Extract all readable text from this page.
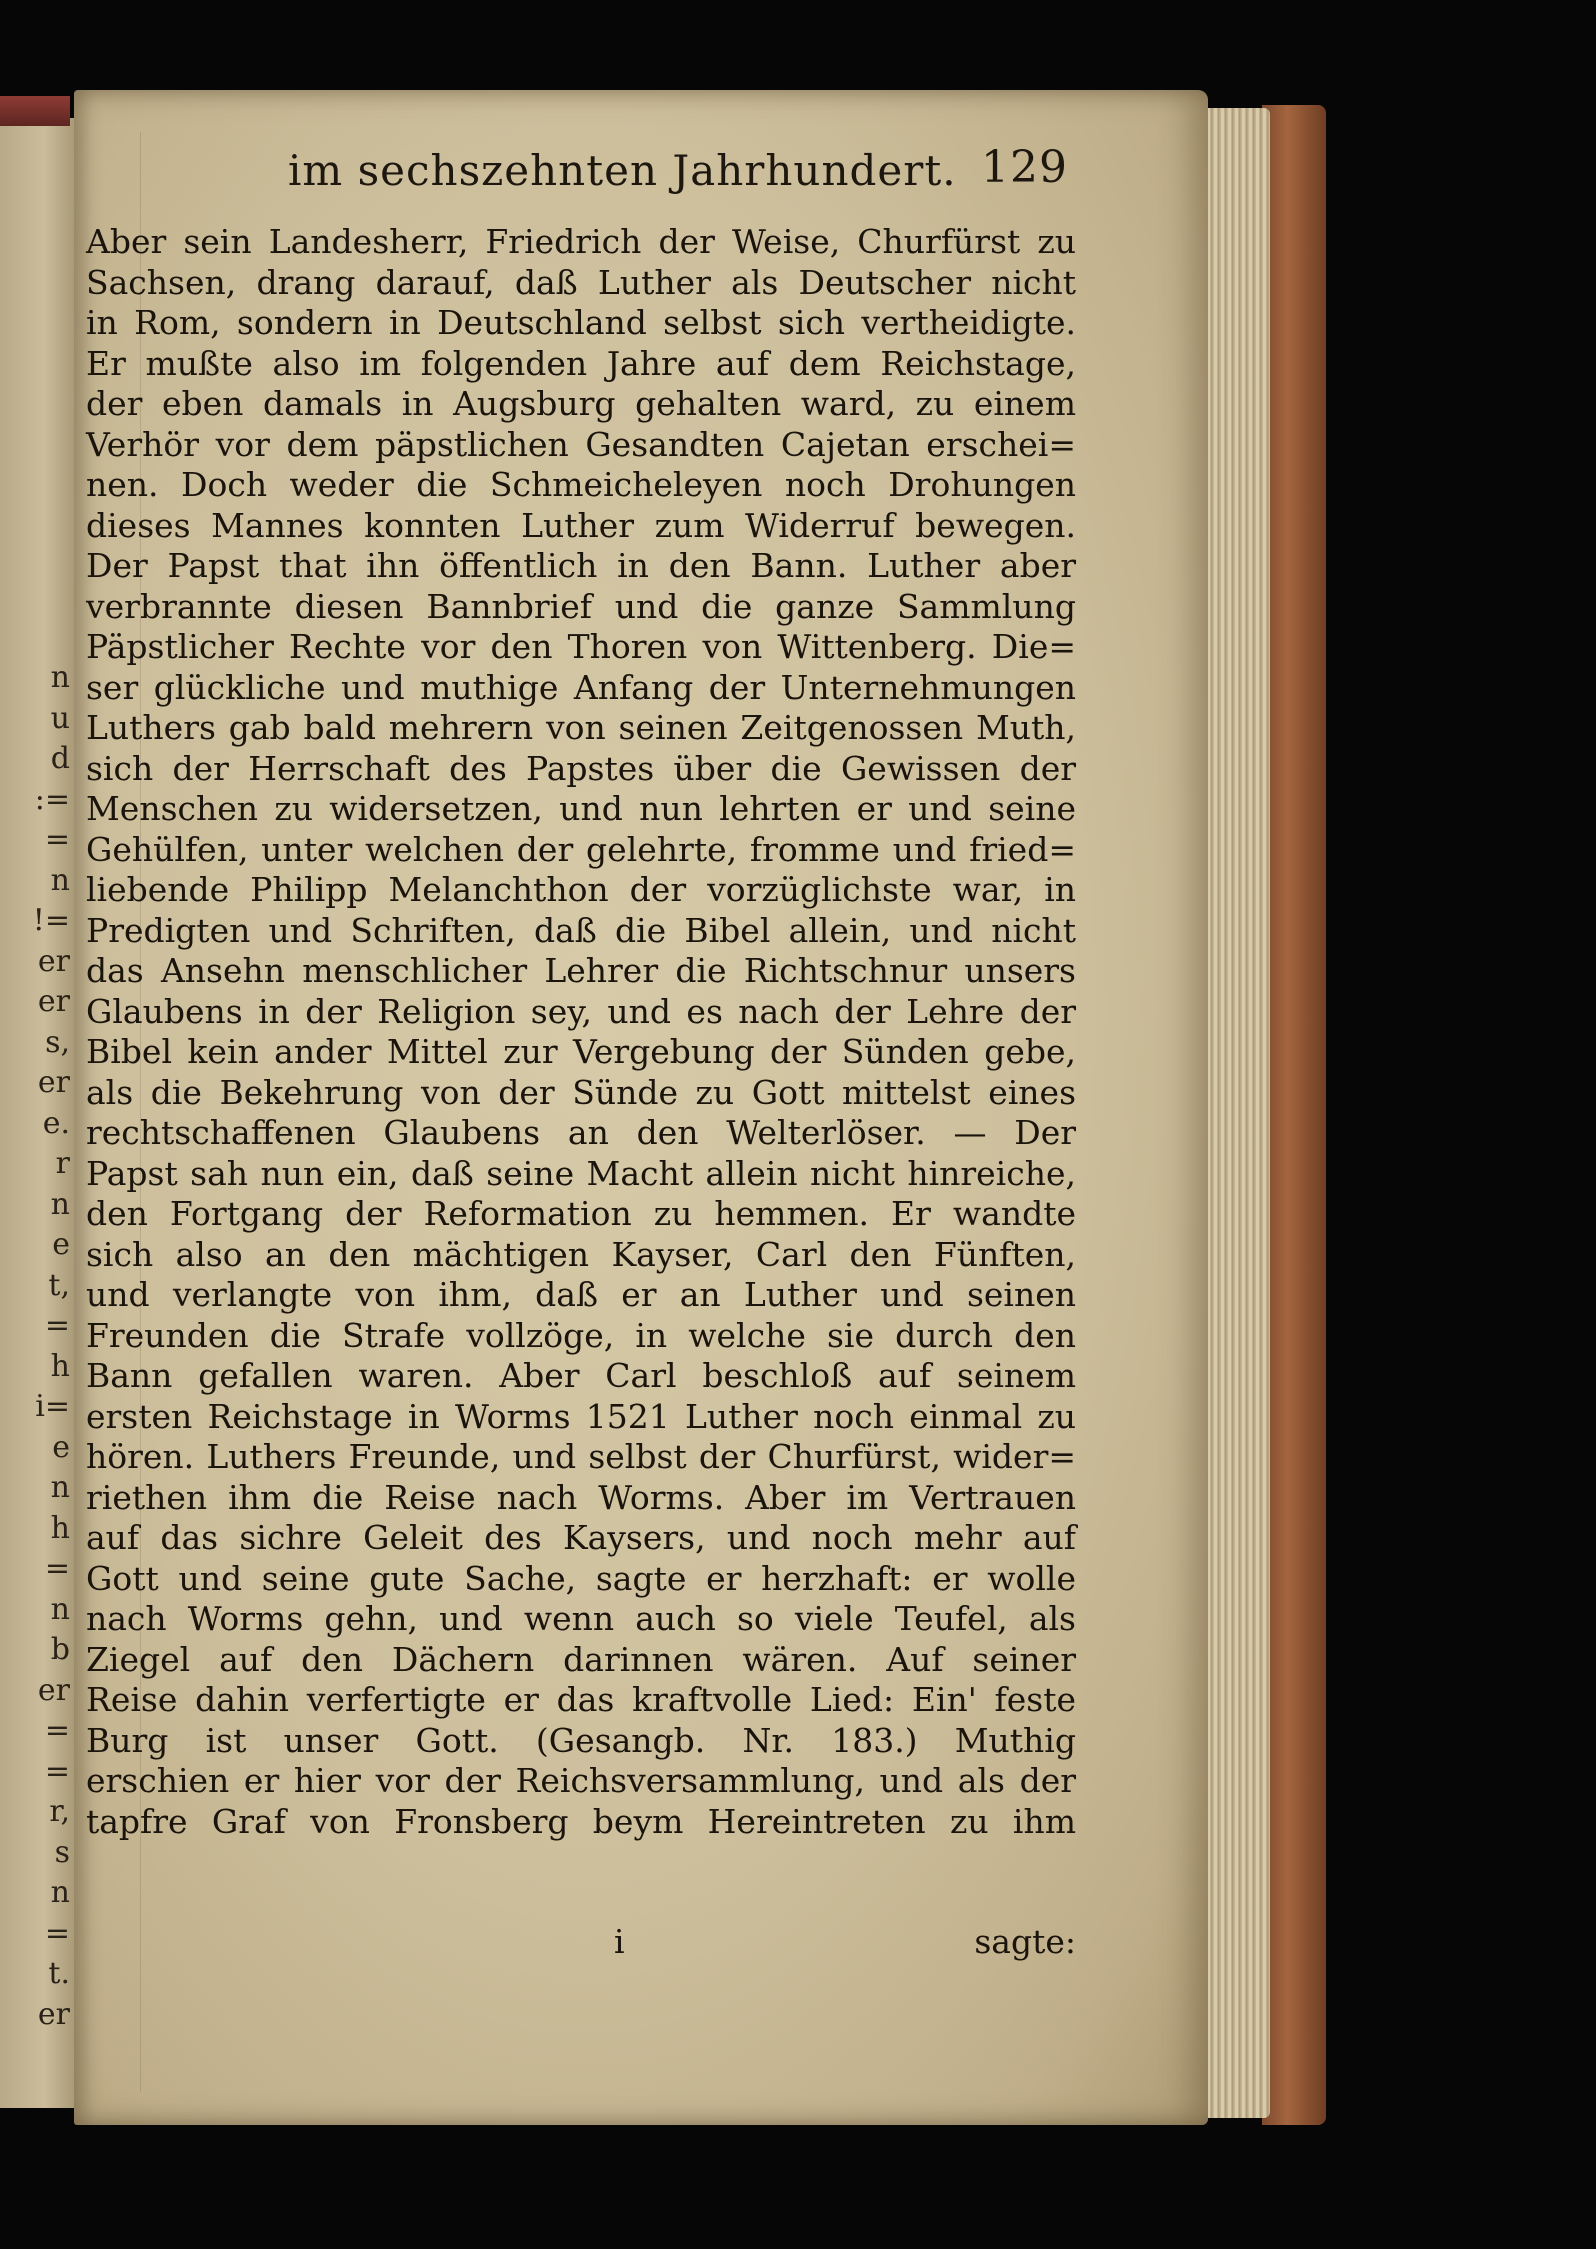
n
u
d
:=
=
n
!=
er
er
s,
er
e.
r
n
e
t,
=
h
i=
e
n
h
=
n
b
er
=
=
r,
s
n
=
t.
er
im sechszehnten Jahrhundert. 129
Aber sein Landesherr, Friedrich der Weise, Churfürst zu
Sachsen, drang darauf, daß Luther als Deutscher nicht
in Rom, sondern in Deutschland selbst sich vertheidigte.
Er mußte also im folgenden Jahre auf dem Reichstage,
der eben damals in Augsburg gehalten ward, zu einem
Verhör vor dem päpstlichen Gesandten Cajetan erschei=
nen. Doch weder die Schmeicheleyen noch Drohungen
dieses Mannes konnten Luther zum Widerruf bewegen.
Der Papst that ihn öffentlich in den Bann. Luther aber
verbrannte diesen Bannbrief und die ganze Sammlung
Päpstlicher Rechte vor den Thoren von Wittenberg. Die=
ser glückliche und muthige Anfang der Unternehmungen
Luthers gab bald mehrern von seinen Zeitgenossen Muth,
sich der Herrschaft des Papstes über die Gewissen der
Menschen zu widersetzen, und nun lehrten er und seine
Gehülfen, unter welchen der gelehrte, fromme und fried=
liebende Philipp Melanchthon der vorzüglichste war, in
Predigten und Schriften, daß die Bibel allein, und nicht
das Ansehn menschlicher Lehrer die Richtschnur unsers
Glaubens in der Religion sey, und es nach der Lehre der
Bibel kein ander Mittel zur Vergebung der Sünden gebe,
als die Bekehrung von der Sünde zu Gott mittelst eines
rechtschaffenen Glaubens an den Welterlöser. — Der
Papst sah nun ein, daß seine Macht allein nicht hinreiche,
den Fortgang der Reformation zu hemmen. Er wandte
sich also an den mächtigen Kayser, Carl den Fünften,
und verlangte von ihm, daß er an Luther und seinen
Freunden die Strafe vollzöge, in welche sie durch den
Bann gefallen waren. Aber Carl beschloß auf seinem
ersten Reichstage in Worms 1521 Luther noch einmal zu
hören. Luthers Freunde, und selbst der Churfürst, wider=
riethen ihm die Reise nach Worms. Aber im Vertrauen
auf das sichre Geleit des Kaysers, und noch mehr auf
Gott und seine gute Sache, sagte er herzhaft: er wolle
nach Worms gehn, und wenn auch so viele Teufel, als
Ziegel auf den Dächern darinnen wären. Auf seiner
Reise dahin verfertigte er das kraftvolle Lied: Ein' feste
Burg ist unser Gott. (Gesangb. Nr. 183.) Muthig
erschien er hier vor der Reichsversammlung, und als der
tapfre Graf von Fronsberg beym Hereintreten zu ihm
i	sagte:
